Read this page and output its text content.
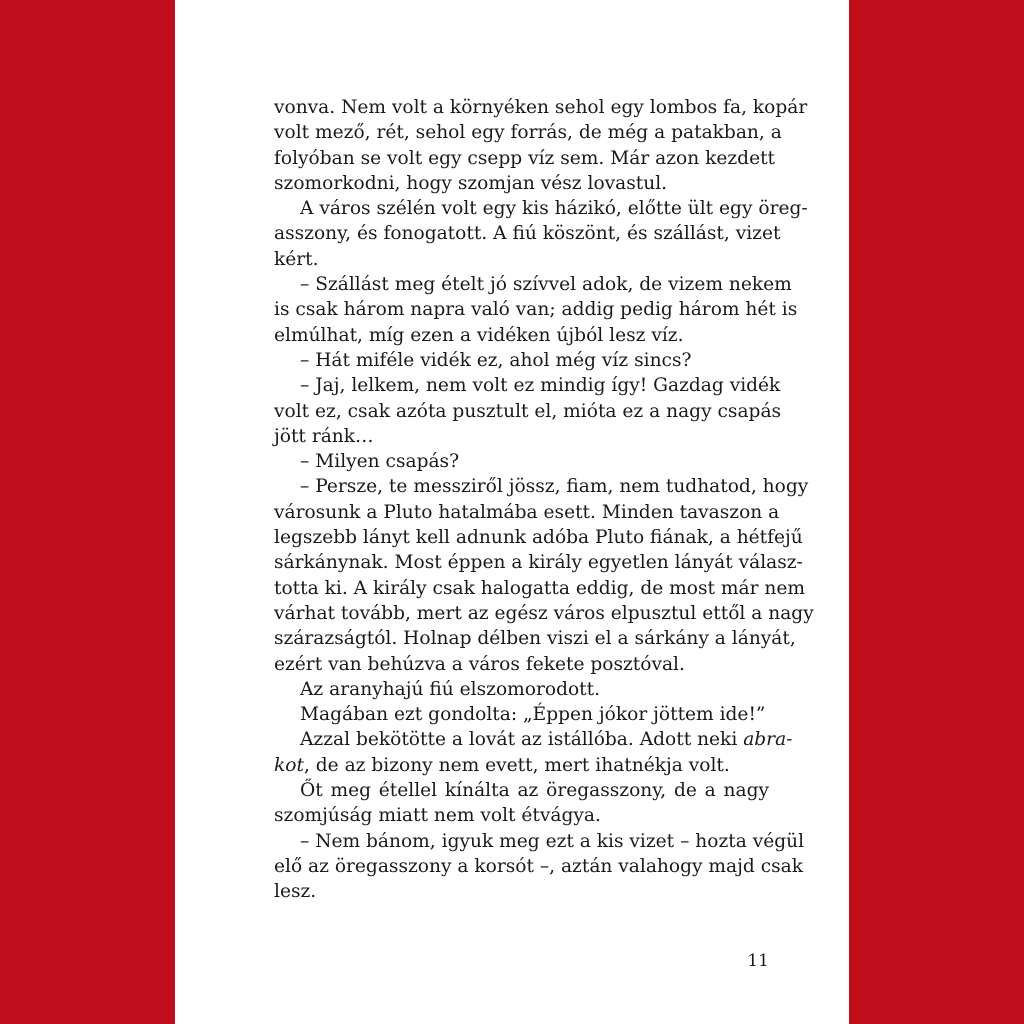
vonva. Nem volt a környéken sehol egy lombos fa, kopár
volt mező, rét, sehol egy forrás, de még a patakban, a
folyóban se volt egy csepp víz sem. Már azon kezdett
szomorkodni, hogy szomjan vész lovastul.

A város szélén volt egy kis házikó, előtte ült egy öreg-
asszony, és fonogatott. A fiú köszönt, és szállást, vizet
kért.

– Szállást meg ételt jó szívvel adok, de vizem nekem
is csak három napra való van; addig pedig három hét is
elmúlhat, míg ezen a vidéken újból lesz víz.

– Hát miféle vidék ez, ahol még víz sincs?

– Jaj, lelkem, nem volt ez mindig így! Gazdag vidék
volt ez, csak azóta pusztult el, mióta ez a nagy csapás
jött ránk…

– Milyen csapás?

– Persze, te messziről jössz, fiam, nem tudhatod, hogy
városunk a Pluto hatalmába esett. Minden tavaszon a
legszebb lányt kell adnunk adóba Pluto fiának, a hétfejű
sárkánynak. Most éppen a király egyetlen lányát válasz-
totta ki. A király csak halogatta eddig, de most már nem
várhat tovább, mert az egész város elpusztul ettől a nagy
szárazságtól. Holnap délben viszi el a sárkány a lányát,
ezért van behúzva a város fekete posztóval.

Az aranyhajú fiú elszomorodott.

Magában ezt gondolta: „Éppen jókor jöttem ide!”

Azzal bekötötte a lovát az istállóba. Adott neki abra-
kot, de az bizony nem evett, mert ihatnékja volt.

Őt meg étellel kínálta az öregasszony, de a nagy
szomjúság miatt nem volt étvágya.

– Nem bánom, igyuk meg ezt a kis vizet – hozta végül
elő az öregasszony a korsót –, aztán valahogy majd csak
lesz.

11
